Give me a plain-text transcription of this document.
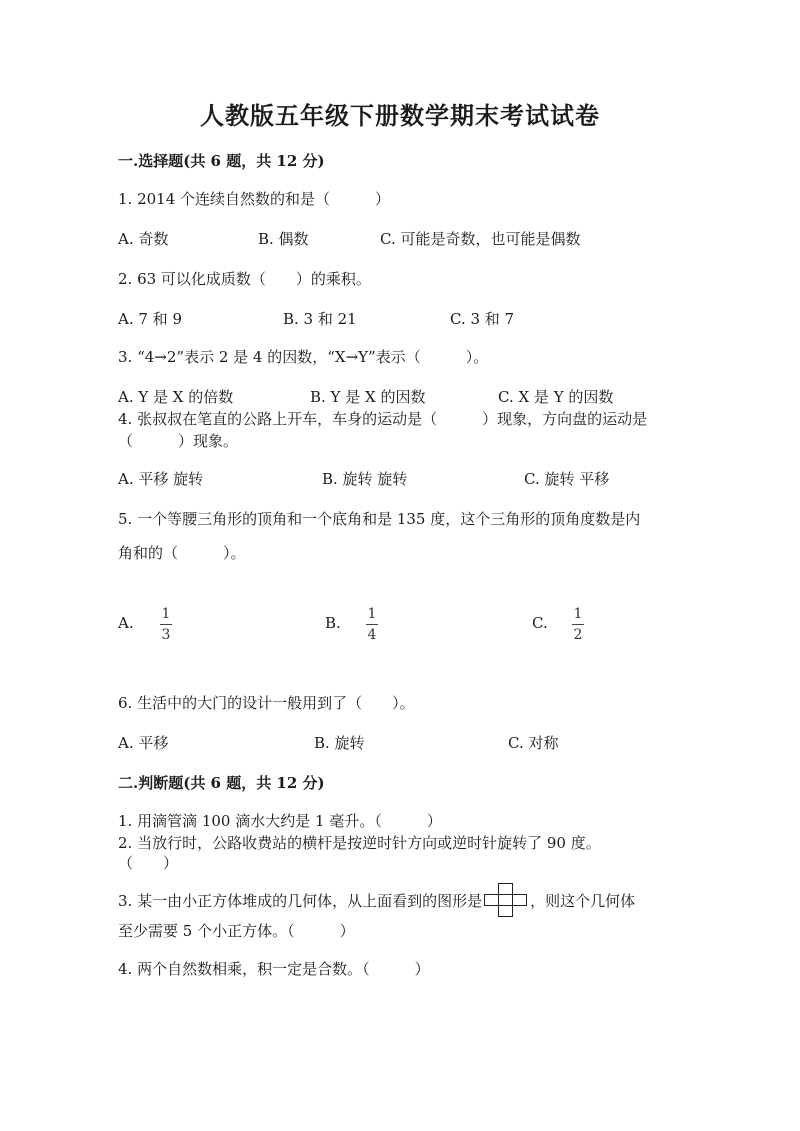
人教版五年级下册数学期末考试试卷
一.选择题(共 6 题，共 12 分)
1. 2014 个连续自然数的和是（　　　）
A. 奇数	B. 偶数	C. 可能是奇数，也可能是偶数
2. 63 可以化成质数（　　）的乘积。
A. 7 和 9	B. 3 和 21	C. 3 和 7
3. “4→2”表示 2 是 4 的因数，“X→Y”表示（　　　）。
A. Y 是 X 的倍数	B. Y 是 X 的因数	C. X 是 Y 的因数
4. 张叔叔在笔直的公路上开车，车身的运动是（　　　）现象，方向盘的运动是
（　　　）现象。
A. 平移 旋转	B. 旋转 旋转	C. 旋转 平移
5. 一个等腰三角形的顶角和一个底角和是 135 度，这个三角形的顶角度数是内
角和的（　　　）。
A. 1
3
B. 1
4
C. 1
2
6. 生活中的大门的设计一般用到了（　　）。
A. 平移	B. 旋转	C. 对称
二.判断题(共 6 题，共 12 分)
1. 用滴管滴 100 滴水大约是 1 毫升。（　　　）
2. 当放行时，公路收费站的横杆是按逆时针方向或逆时针旋转了 90 度。
（　　）
3. 某一由小正方体堆成的几何体，从上面看到的图形是	，则这个几何体
至少需要 5 个小正方体。（　　　）
4. 两个自然数相乘，积一定是合数。（　　　）
